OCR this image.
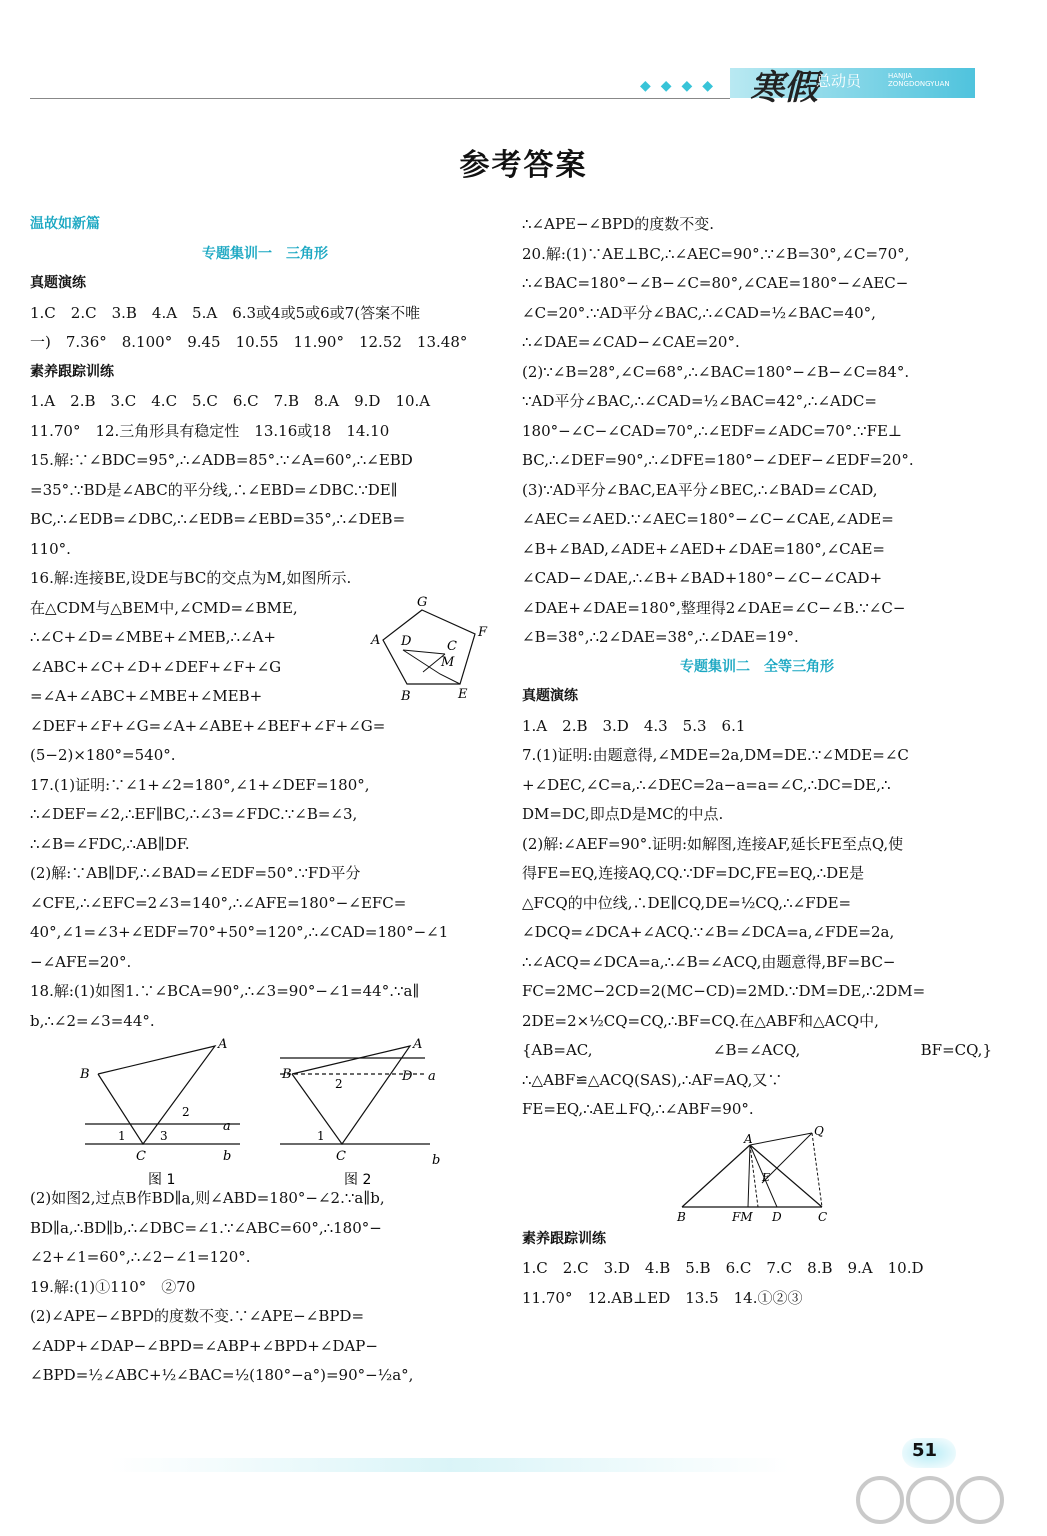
◆◆◆◆ 寒假
总动员	HANJIA
ZONGDONGYUAN
参考答案

温故如新篇

专题集训一　三角形

真题演练

1.C　2.C　3.B　4.A　5.A　6.3或4或5或6或7(答案不唯

一)　7.36°　8.100°　9.45　10.55　11.90°　12.52　13.48°

素养跟踪训练

1.A　2.B　3.C　4.C　5.C　6.C　7.B　8.A　9.D　10.A

11.70°　12.三角形具有稳定性　13.16或18　14.10

15.解:∵∠BDC=95°,∴∠ADB=85°.∵∠A=60°,∴∠EBD

=35°.∵BD是∠ABC的平分线,∴∠EBD=∠DBC.∵DE∥

BC,∴∠EDB=∠DBC,∴∠EDB=∠EBD=35°,∴∠DEB=

110°.

16.解:连接BE,设DE与BC的交点为M,如图所示.

G
F
A D	C
M
B	E

在△CDM与△BEM中,∠CMD=∠BME,

∴∠C+∠D=∠MBE+∠MEB,∴∠A+

∠ABC+∠C+∠D+∠DEF+∠F+∠G

=∠A+∠ABC+∠MBE+∠MEB+

∠DEF+∠F+∠G=∠A+∠ABE+∠BEF+∠F+∠G=

(5−2)×180°=540°.

17.(1)证明:∵∠1+∠2=180°,∠1+∠DEF=180°,

∴∠DEF=∠2,∴EF∥BC,∴∠3=∠FDC.∵∠B=∠3,

∴∠B=∠FDC,∴AB∥DF.

(2)解:∵AB∥DF,∴∠BAD=∠EDF=50°.∵FD平分

∠CFE,∴∠EFC=2∠3=140°,∴∠AFE=180°−∠EFC=

40°,∠1=∠3+∠EDF=70°+50°=120°,∴∠CAD=180°−∠1

−∠AFE=20°.

18.解:(1)如图1.∵∠BCA=90°,∴∠3=90°−∠1=44°.∵a∥

b,∴∠2=∠3=44°.

B
A
C
1	3
2
a
b
图 1
B
A
D a
C
1
2
b
图 2

(2)如图2,过点B作BD∥a,则∠ABD=180°−∠2.∵a∥b,

BD∥a,∴BD∥b,∴∠DBC=∠1.∵∠ABC=60°,∴180°−

∠2+∠1=60°,∴∠2−∠1=120°.

19.解:(1)①110°　②70

(2)∠APE−∠BPD的度数不变.∵∠APE−∠BPD=

∠ADP+∠DAP−∠BPD=∠ABP+∠BPD+∠DAP−

∠BPD=½∠ABC+½∠BAC=½(180°−a°)=90°−½a°,

∴∠APE−∠BPD的度数不变.

20.解:(1)∵AE⊥BC,∴∠AEC=90°.∵∠B=30°,∠C=70°,

∴∠BAC=180°−∠B−∠C=80°,∠CAE=180°−∠AEC−

∠C=20°.∵AD平分∠BAC,∴∠CAD=½∠BAC=40°,

∴∠DAE=∠CAD−∠CAE=20°.

(2)∵∠B=28°,∠C=68°,∴∠BAC=180°−∠B−∠C=84°.

∵AD平分∠BAC,∴∠CAD=½∠BAC=42°,∴∠ADC=

180°−∠C−∠CAD=70°,∴∠EDF=∠ADC=70°.∵FE⊥

BC,∴∠DEF=90°,∴∠DFE=180°−∠DEF−∠EDF=20°.

(3)∵AD平分∠BAC,EA平分∠BEC,∴∠BAD=∠CAD,

∠AEC=∠AED.∵∠AEC=180°−∠C−∠CAE,∠ADE=

∠B+∠BAD,∠ADE+∠AED+∠DAE=180°,∠CAE=

∠CAD−∠DAE,∴∠B+∠BAD+180°−∠C−∠CAD+

∠DAE+∠DAE=180°,整理得2∠DAE=∠C−∠B.∵∠C−

∠B=38°,∴2∠DAE=38°,∴∠DAE=19°.

专题集训二　全等三角形

真题演练

1.A　2.B　3.D　4.3　5.3　6.1

7.(1)证明:由题意得,∠MDE=2a,DM=DE.∵∠MDE=∠C

+∠DEC,∠C=a,∴∠DEC=2a−a=a=∠C,∴DC=DE,∴

DM=DC,即点D是MC的中点.

(2)解:∠AEF=90°.证明:如解图,连接AF,延长FE至点Q,使

得FE=EQ,连接AQ,CQ.∵DF=DC,FE=EQ,∴DE是

△FCQ的中位线,∴DE∥CQ,DE=½CQ,∴∠FDE=

∠DCQ=∠DCA+∠ACQ.∵∠B=∠DCA=a,∠FDE=2a,

∴∠ACQ=∠DCA=a,∴∠B=∠ACQ,由题意得,BF=BC−

FC=2MC−2CD=2(MC−CD)=2MD.∵DM=DE,∴2DM=

2DE=2×½CQ=CQ,∴BF=CQ.在△ABF和△ACQ中,

{AB=AC, ∠B=∠ACQ, BF=CQ,} ∴△ABF≌△ACQ(SAS),∴AF=AQ,又∵

FE=EQ,∴AE⊥FQ,∴∠ABF=90°.

A
Q
E
B	FM D	C

素养跟踪训练

1.C　2.C　3.D　4.B　5.B　6.C　7.C　8.B　9.A　10.D

11.70°　12.AB⊥ED　13.5　14.①②③

51
